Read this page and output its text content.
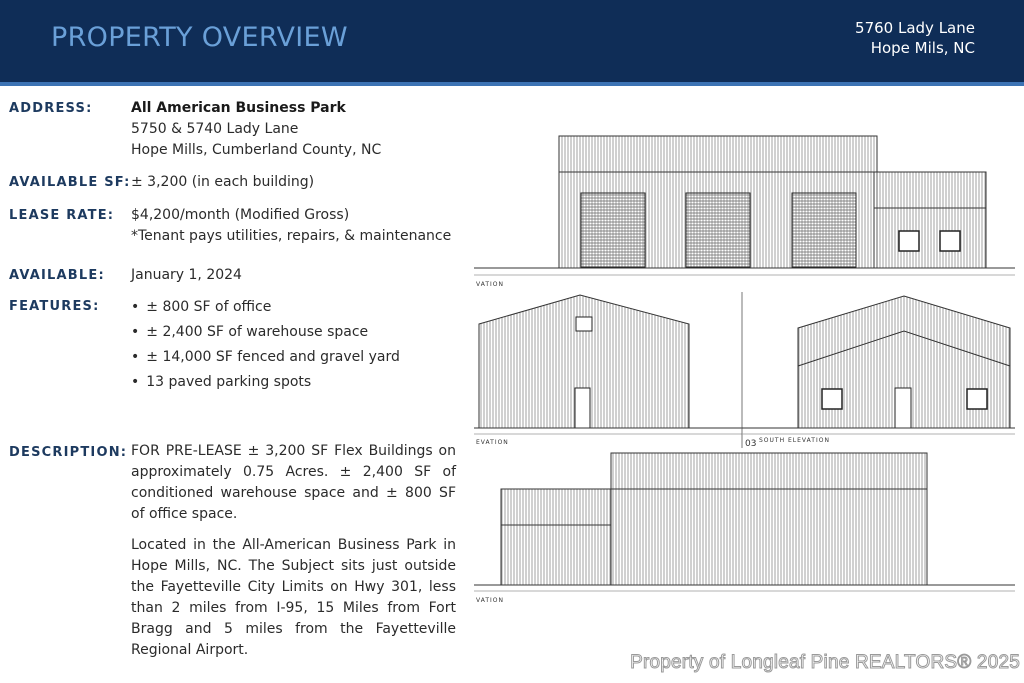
PROPERTY OVERVIEW	5760 Lady Lane
Hope Mils, NC
ADDRESS:	All American Business Park
5750 & 5740 Lady Lane
Hope Mills, Cumberland County, NC
AVAILABLE SF: ± 3,200 (in each building)
LEASE RATE: $4,200/month (Modified Gross)
*Tenant pays utilities, repairs, & maintenance
AVAILABLE: January 1, 2024
FEATURES:
•	± 800 SF of office
• ± 2,400 SF of warehouse space
• ± 14,000 SF fenced and gravel yard
• 13 paved parking spots
DESCRIPTION: FOR PRE-LEASE ± 3,200 SF Flex Buildings on approximately 0.75 Acres. ± 2,400 SF of conditioned warehouse space and ± 800 SF of office space.

Located in the All-American Business Park in Hope Mills, NC. The Subject sits just outside the Fayetteville City Limits on Hwy 301, less than 2 miles from I-95, 15 Miles from Fort Bragg and 5 miles from the Fayetteville Regional Airport.

VATION
EVATION	03 SOUTH ELEVATION
VATION
Property of Longleaf Pine REALTORS® 2025
